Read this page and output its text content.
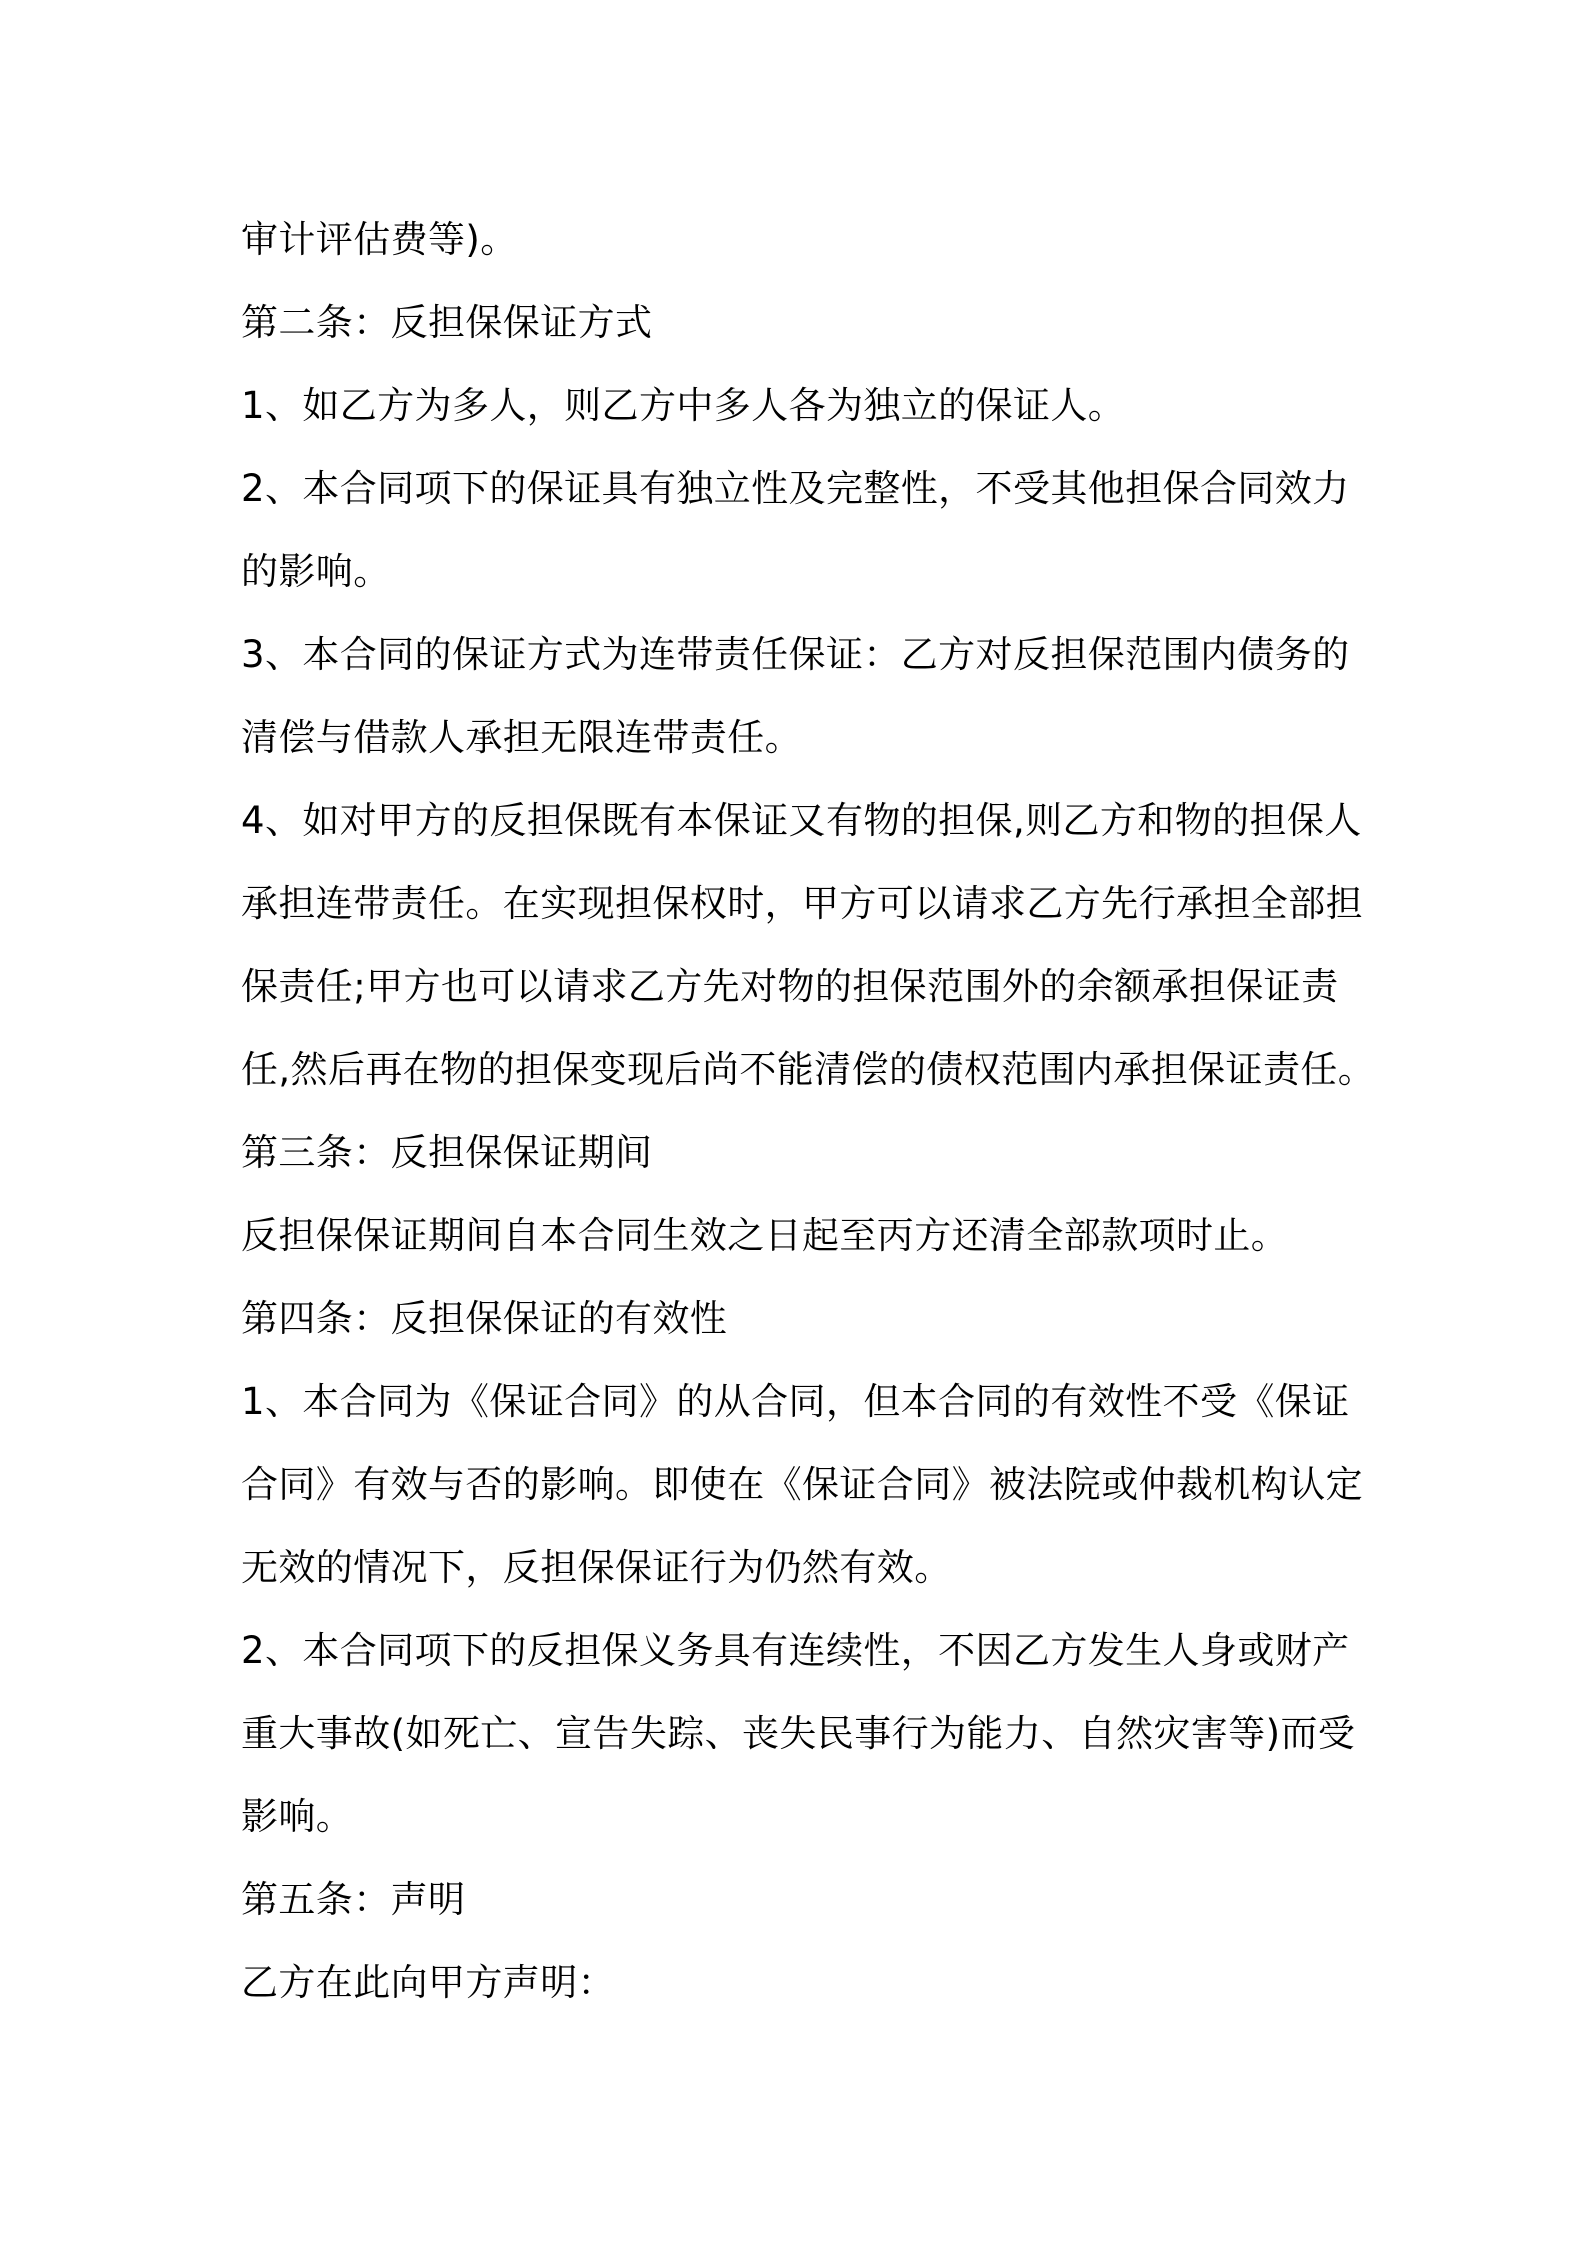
审计评估费等)。
第二条：反担保保证方式
1、如乙方为多人，则乙方中多人各为独立的保证人。
2、本合同项下的保证具有独立性及完整性，不受其他担保合同效力
的影响。
3、本合同的保证方式为连带责任保证：乙方对反担保范围内债务的
清偿与借款人承担无限连带责任。
4、如对甲方的反担保既有本保证又有物的担保,则乙方和物的担保人
承担连带责任。在实现担保权时，甲方可以请求乙方先行承担全部担
保责任;甲方也可以请求乙方先对物的担保范围外的余额承担保证责
任,然后再在物的担保变现后尚不能清偿的债权范围内承担保证责任。
第三条：反担保保证期间
反担保保证期间自本合同生效之日起至丙方还清全部款项时止。
第四条：反担保保证的有效性
1、本合同为《保证合同》的从合同，但本合同的有效性不受《保证
合同》有效与否的影响。即使在《保证合同》被法院或仲裁机构认定
无效的情况下，反担保保证行为仍然有效。
2、本合同项下的反担保义务具有连续性，不因乙方发生人身或财产
重大事故(如死亡、宣告失踪、丧失民事行为能力、自然灾害等)而受
影响。
第五条：声明
乙方在此向甲方声明：
